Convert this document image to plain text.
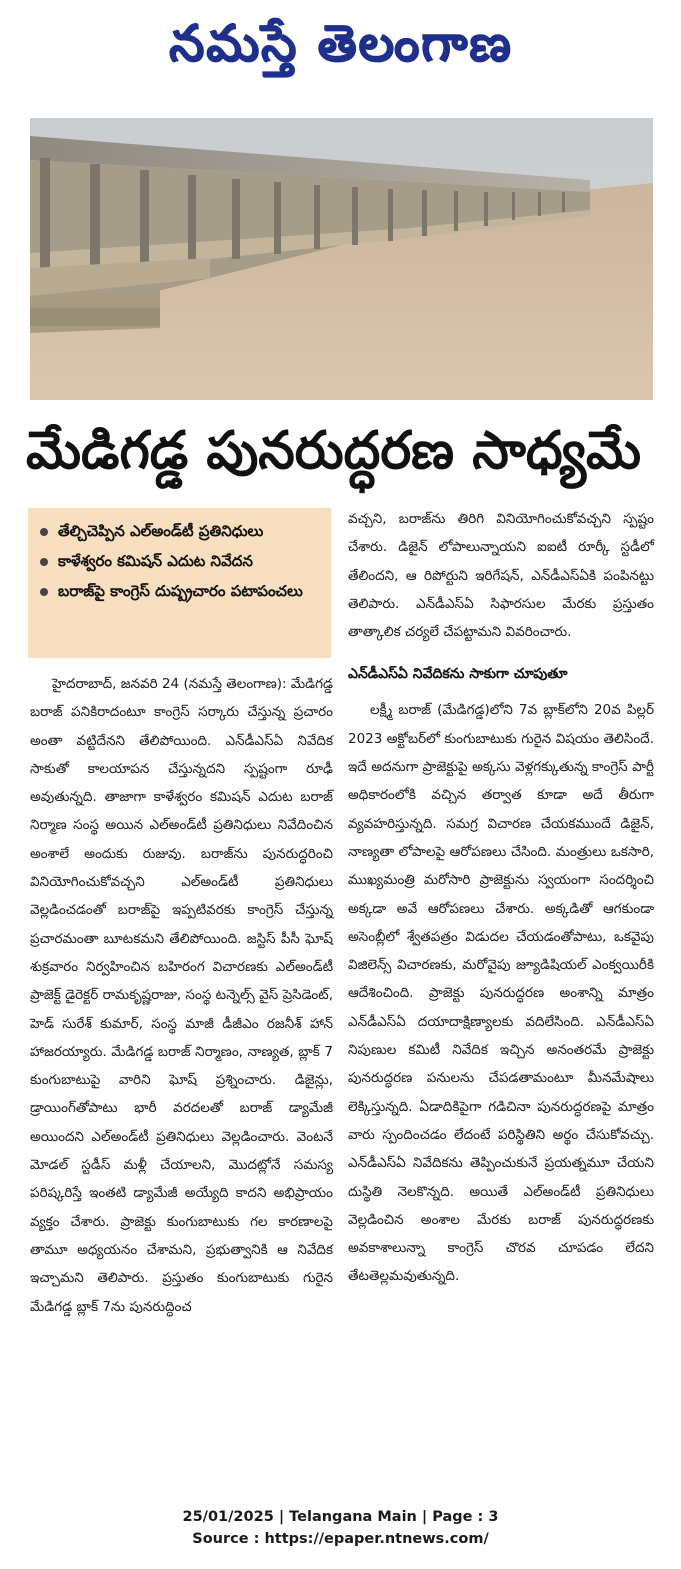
నమస్తే తెలంగాణ
మేడిగడ్డ పునరుద్ధరణ సాధ్యమే
తేల్చిచెప్పిన ఎల్‌అండ్‌టీ ప్రతినిధులు
కాళేశ్వరం కమిషన్‌ ఎదుట నివేదన
బరాజ్‌పై కాంగ్రెస్‌ దుష్ప్రచారం పటాపంచలు

హైదరాబాద్‌, జనవరి 24 (నమస్తే తెలంగాణ): మేడిగడ్డ బరాజ్‌ పనికిరాదంటూ కాంగ్రెస్‌ సర్కారు చేస్తున్న ప్రచారం అంతా వట్టిదేనని తేలిపోయింది. ఎన్‌డీఎస్‌ఏ నివేదిక సాకుతో కాలయాపన చేస్తున్నదని స్పష్టంగా రూఢీ అవుతున్నది. తాజాగా కాళేశ్వరం కమిషన్‌ ఎదుట బరాజ్‌ నిర్మాణ సంస్థ అయిన ఎల్‌అండ్‌టీ ప్రతినిధులు నివేదించిన అంశాలే అందుకు రుజువు. బరాజ్‌ను పునరుద్ధరించి వినియోగించుకోవచ్చని ఎల్‌అండ్‌టీ ప్రతినిధులు వెల్లడించడంతో బరాజ్‌పై ఇప్పటివరకు కాంగ్రెస్‌ చేస్తున్న ప్రచారమంతా బూటకమని తేలిపోయింది. జస్టిస్‌ పీసీ ఘోష్‌ శుక్రవారం నిర్వహించిన బహిరంగ విచారణకు ఎల్‌అండ్‌టీ ప్రాజెక్ట్‌ డైరెక్టర్‌ రామకృష్ణరాజు, సంస్థ టన్నెల్స్‌ వైస్‌ ప్రెసిడెంట్‌, హెడ్‌ సురేశ్‌ కుమార్‌, సంస్థ మాజీ డీజీఎం రజనీశ్‌ హాన్‌ హాజరయ్యారు. మేడిగడ్డ బరాజ్‌ నిర్మాణం, నాణ్యత, బ్లాక్‌ 7 కుంగుబాటుపై వారిని ఘోష్‌ ప్రశ్నించారు. డిజైన్లు, డ్రాయింగ్‌తోపాటు భారీ వరదలతో బరాజ్‌ డ్యామేజీ అయిందని ఎల్‌అండ్‌టీ ప్రతినిధులు వెల్లడించారు. వెంటనే మోడల్‌ స్టడీస్‌ మళ్లీ చేయాలని, మొదట్లోనే సమస్య పరిష్కరిస్తే ఇంతటి డ్యామేజీ అయ్యేది కాదని అభిప్రాయం వ్యక్తం చేశారు. ప్రాజెక్టు కుంగుబాటుకు గల కారణాలపై తామూ అధ్యయనం చేశామని, ప్రభుత్వానికి ఆ నివేదిక ఇచ్చామని తెలిపారు. ప్రస్తుతం కుంగుబాటుకు గురైన మేడిగడ్డ బ్లాక్‌ 7ను పునరుద్ధించ

వచ్చని, బరాజ్‌ను తిరిగి వినియోగించుకోవచ్చని స్పష్టం చేశారు. డిజైన్‌ లోపాలున్నాయని ఐఐటీ రూర్కీ స్టడీలో తేలిందని, ఆ రిపోర్టుని ఇరిగేషన్‌, ఎన్‌డీఎస్‌ఏకి పంపినట్టు తెలిపారు. ఎన్‌డీఎస్‌ఏ సిఫారసుల మేరకు ప్రస్తుతం తాత్కాలిక చర్యలే చేపట్టామని వివరించారు.

ఎన్‌డీఎస్‌ఏ నివేదికను సాకుగా చూపుతూ

లక్ష్మీ బరాజ్‌ (మేడిగడ్డ)లోని 7వ బ్లాక్‌లోని 20వ పిల్లర్‌ 2023 అక్టోబర్‌లో కుంగుబాటుకు గురైన విషయం తెలిసిందే. ఇదే అదనుగా ప్రాజెక్టుపై అక్కసు వెళ్లగక్కుతున్న కాంగ్రెస్‌ పార్టీ అధికారంలోకి వచ్చిన తర్వాత కూడా అదే తీరుగా వ్యవహరిస్తున్నది. సమగ్ర విచారణ చేయకముందే డిజైన్‌, నాణ్యతా లోపాలపై ఆరోపణలు చేసింది. మంత్రులు ఒకసారి, ముఖ్యమంత్రి మరోసారి ప్రాజెక్టును స్వయంగా సందర్శించి అక్కడా అవే ఆరోపణలు చేశారు. అక్కడితో ఆగకుండా అసెంబ్లీలో శ్వేతపత్రం విడుదల చేయడంతోపాటు, ఒకవైపు విజిలెన్స్‌ విచారణకు, మరోవైపు జ్యూడిషియల్‌ ఎంక్వయిరీకి ఆదేశించింది. ప్రాజెక్టు పునరుద్ధరణ అంశాన్ని మాత్రం ఎన్‌డీఎస్‌ఏ దయాదాక్షిణ్యాలకు వదిలేసింది. ఎన్‌డీఎస్‌ఏ నిపుణుల కమిటీ నివేదిక ఇచ్చిన అనంతరమే ప్రాజెక్టు పునరుద్ధరణ పనులను చేపడతామంటూ మీనమేషాలు లెక్కిస్తున్నది. ఏడాదికిపైగా గడిచినా పునరుద్ధరణపై మాత్రం వారు స్పందించడం లేదంటే పరిస్థితిని అర్థం చేసుకోవచ్చు. ఎన్‌డీఎస్‌ఏ నివేదికను తెప్పించుకునే ప్రయత్నమూ చేయని దుస్థితి నెలకొన్నది. అయితే ఎల్‌అండ్‌టీ ప్రతినిధులు వెల్లడించిన అంశాల మేరకు బరాజ్‌ పునరుద్ధరణకు అవకాశాలున్నా కాంగ్రెస్‌ చొరవ చూపడం లేదని తేటతెల్లమవుతున్నది.

25/01/2025 | Telangana Main | Page : 3
Source : https://epaper.ntnews.com/
